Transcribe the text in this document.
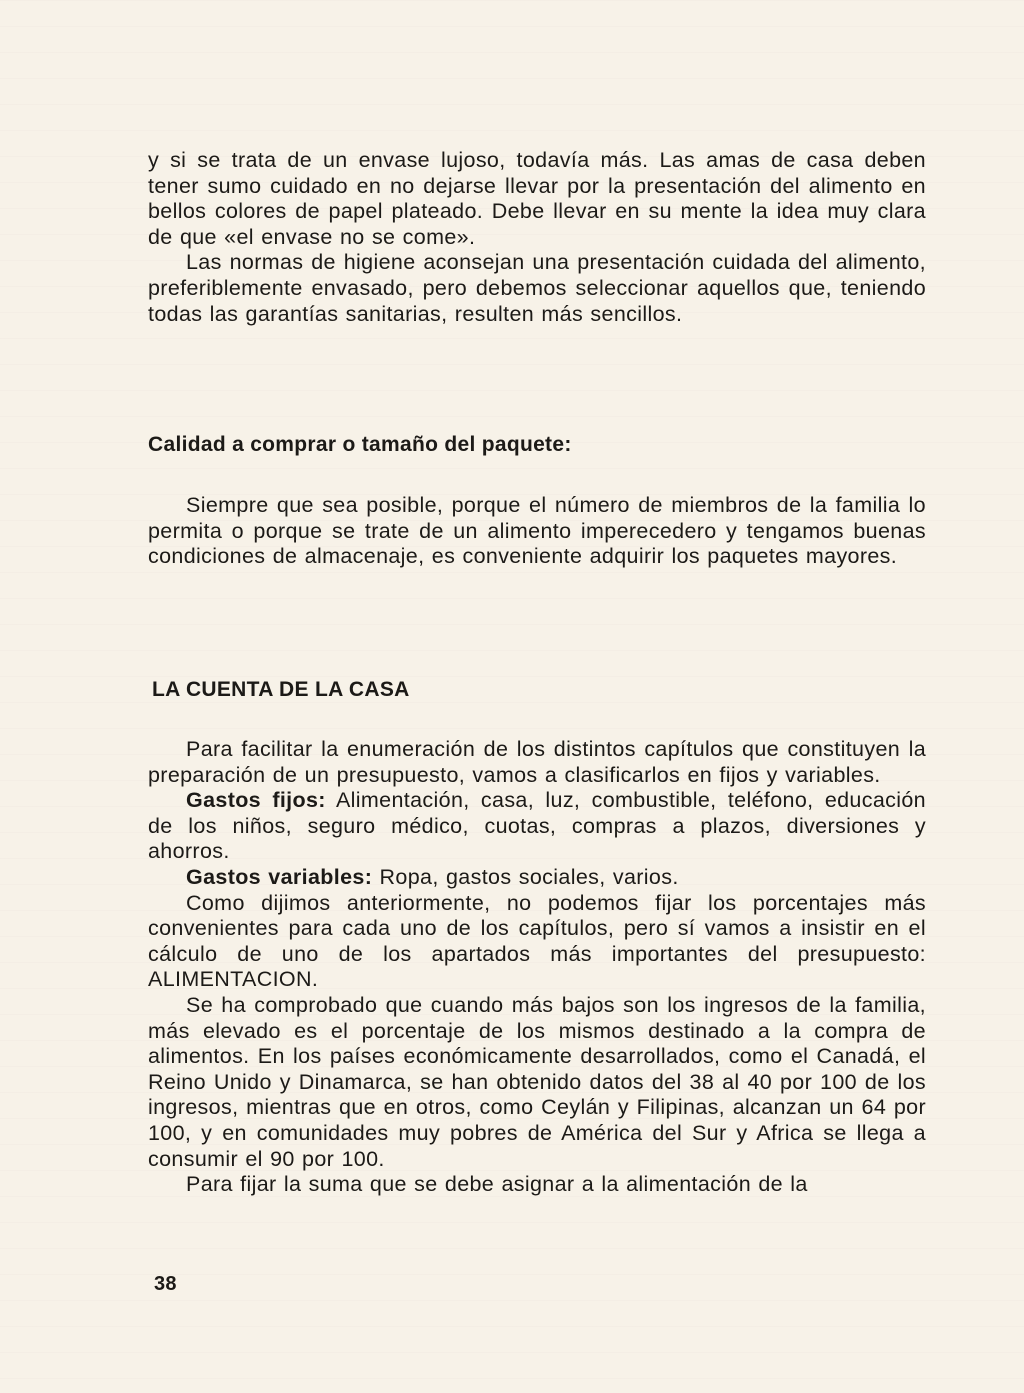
y si se trata de un envase lujoso, todavía más. Las amas de casa deben tener sumo cuidado en no dejarse llevar por la presentación del alimento en bellos colores de papel plateado. Debe llevar en su mente la idea muy clara de que «el envase no se come».

Las normas de higiene aconsejan una presentación cuidada del alimento, preferiblemente envasado, pero debemos seleccionar aquellos que, teniendo todas las garantías sanitarias, resulten más sencillos.

Calidad a comprar o tamaño del paquete:

Siempre que sea posible, porque el número de miembros de la familia lo permita o porque se trate de un alimento imperecedero y tengamos buenas condiciones de almacenaje, es conveniente adquirir los paquetes mayores.

LA CUENTA DE LA CASA

Para facilitar la enumeración de los distintos capítulos que constituyen la preparación de un presupuesto, vamos a clasificarlos en fijos y variables.

Gastos fijos: Alimentación, casa, luz, combustible, teléfono, educación de los niños, seguro médico, cuotas, compras a plazos, diversiones y ahorros.

Gastos variables: Ropa, gastos sociales, varios.

Como dijimos anteriormente, no podemos fijar los porcentajes más convenientes para cada uno de los capítulos, pero sí vamos a insistir en el cálculo de uno de los apartados más importantes del presupuesto: ALIMENTACION.

Se ha comprobado que cuando más bajos son los ingresos de la familia, más elevado es el porcentaje de los mismos destinado a la compra de alimentos. En los países económicamente desarrollados, como el Canadá, el Reino Unido y Dinamarca, se han obtenido datos del 38 al 40 por 100 de los ingresos, mientras que en otros, como Ceylán y Filipinas, alcanzan un 64 por 100, y en comunidades muy pobres de América del Sur y Africa se llega a consumir el 90 por 100.

Para fijar la suma que se debe asignar a la alimentación de la

38
